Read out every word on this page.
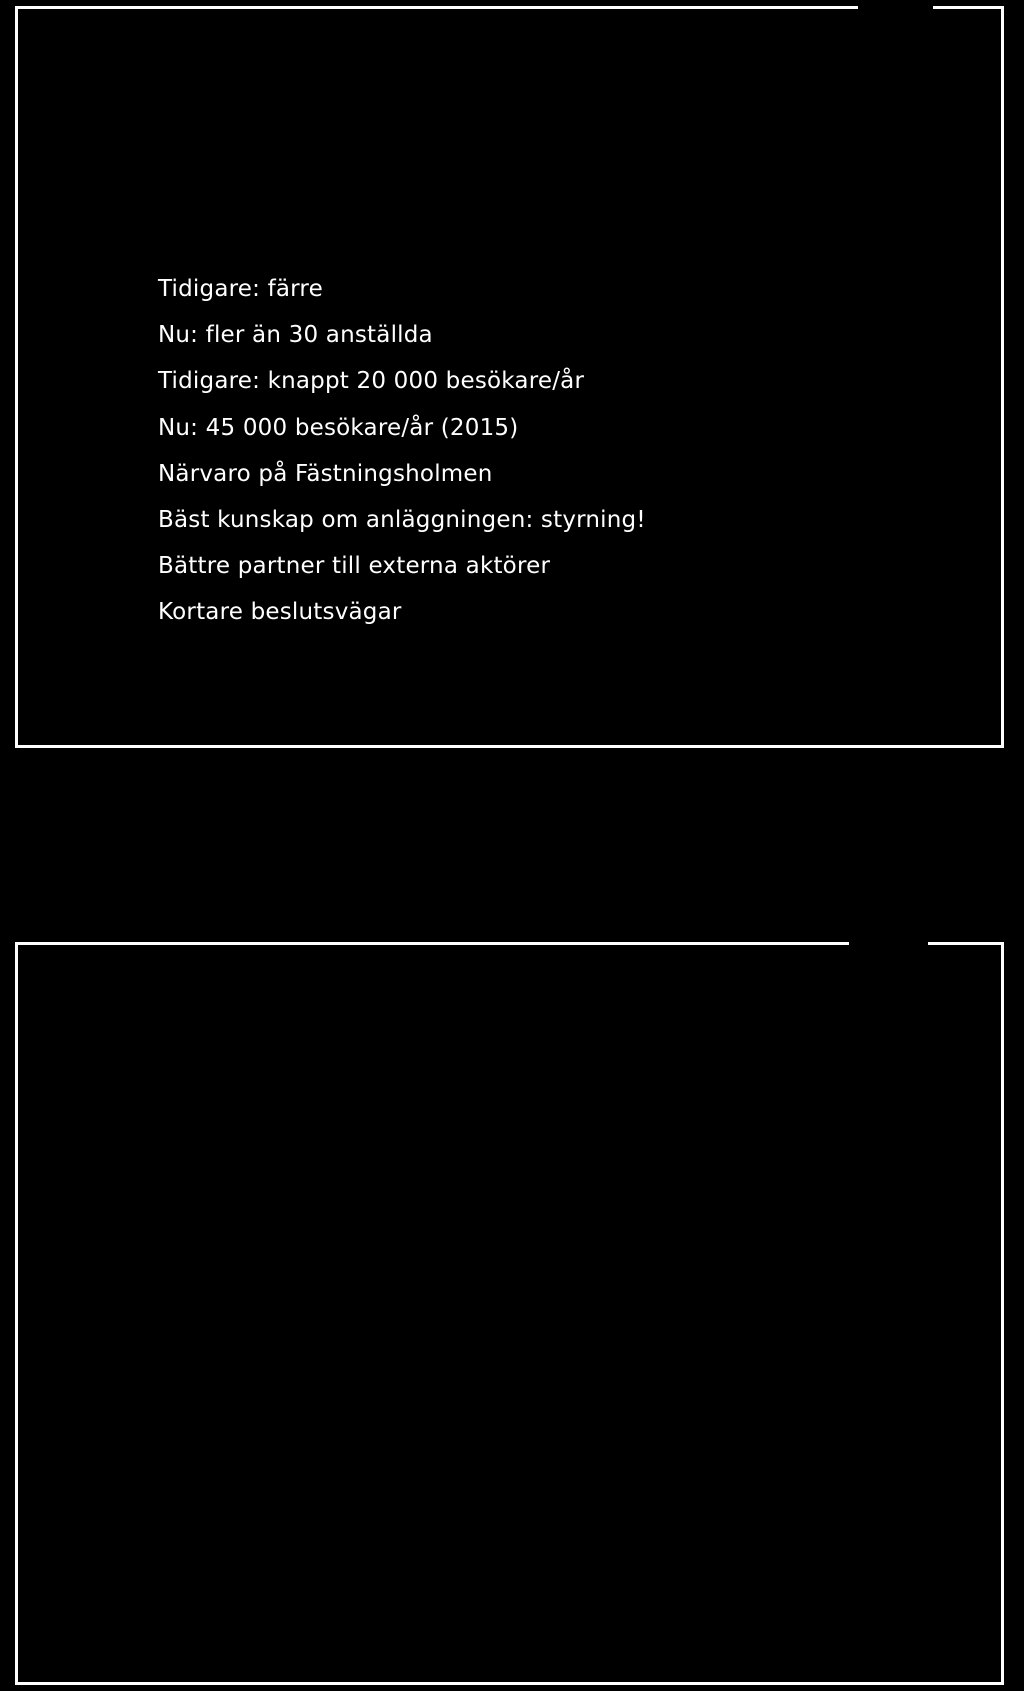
Tidigare: färre
Nu: fler än 30 anställda
Tidigare: knappt 20 000 besökare/år
Nu: 45 000 besökare/år (2015)
Närvaro på Fästningsholmen
Bäst kunskap om anläggningen: styrning!
Bättre partner till externa aktörer
Kortare beslutsvägar
